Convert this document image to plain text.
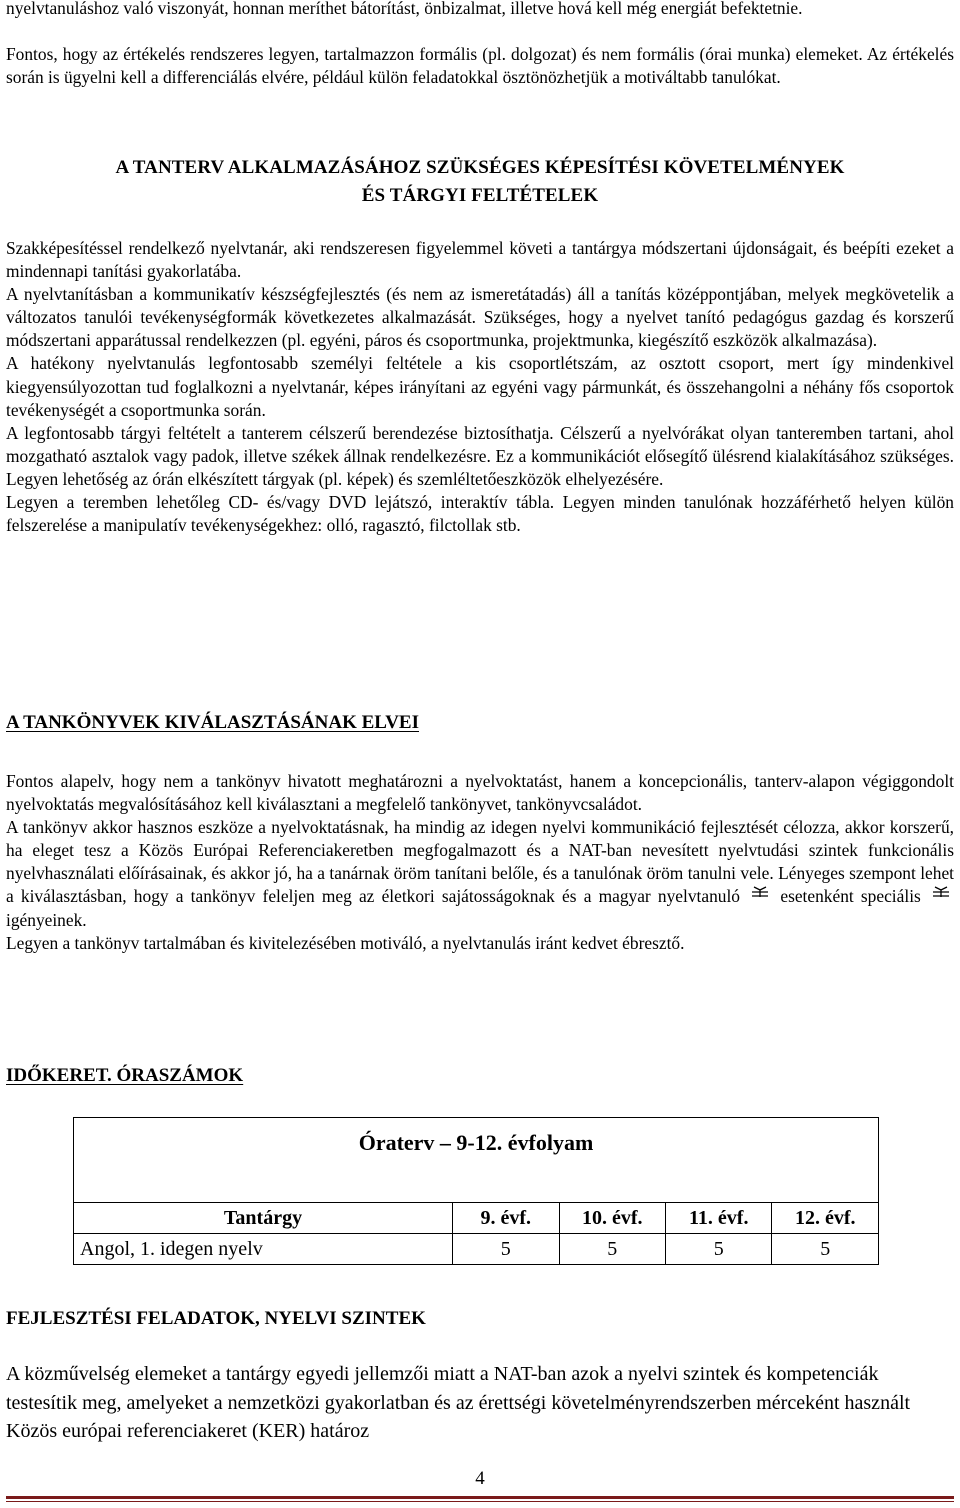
nyelvtanuláshoz való viszonyát, honnan meríthet bátorítást, önbizalmat, illetve hová kell még energiát befektetnie.

Fontos, hogy az értékelés rendszeres legyen, tartalmazzon formális (pl. dolgozat) és nem formális (órai munka) elemeket. Az értékelés során is ügyelni kell a differenciálás elvére, például külön feladatokkal ösztönözhetjük a motiváltabb tanulókat.

A TANTERV ALKALMAZÁSÁHOZ SZÜKSÉGES KÉPESÍTÉSI KÖVETELMÉNYEK

ÉS TÁRGYI FELTÉTELEK

Szakképesítéssel rendelkező nyelvtanár, aki rendszeresen figyelemmel követi a tantárgya módszertani újdonságait, és beépíti ezeket a mindennapi tanítási gyakorlatába.

A nyelvtanításban a kommunikatív készségfejlesztés (és nem az ismeretátadás) áll a tanítás középpontjában, melyek megkövetelik a változatos tanulói tevékenységformák következetes alkalmazását. Szükséges, hogy a nyelvet tanító pedagógus gazdag és korszerű módszertani apparátussal rendelkezzen (pl. egyéni, páros és csoportmunka, projektmunka, kiegészítő eszközök alkalmazása).

A hatékony nyelvtanulás legfontosabb személyi feltétele a kis csoportlétszám, az osztott csoport, mert így mindenkivel kiegyensúlyozottan tud foglalkozni a nyelvtanár, képes irányítani az egyéni vagy pármunkát, és összehangolni a néhány fős csoportok tevékenységét a csoportmunka során.

A legfontosabb tárgyi feltételt a tanterem célszerű berendezése biztosíthatja. Célszerű a nyelvórákat olyan tanteremben tartani, ahol mozgatható asztalok vagy padok, illetve székek állnak rendelkezésre. Ez a kommunikációt elősegítő ülésrend kialakításához szükséges. Legyen lehetőség az órán elkészített tárgyak (pl. képek) és szemléltetőeszközök elhelyezésére.

Legyen a teremben lehetőleg CD- és/vagy DVD lejátszó, interaktív tábla. Legyen minden tanulónak hozzáférhető helyen külön felszerelése a manipulatív tevékenységekhez: olló, ragasztó, filctollak stb.

A TANKÖNYVEK KIVÁLASZTÁSÁNAK ELVEI

Fontos alapelv, hogy nem a tankönyv hivatott meghatározni a nyelvoktatást, hanem a koncepcionális, tanterv-alapon végiggondolt nyelvoktatás megvalósításához kell kiválasztani a megfelelő tankönyvet, tankönyvcsaládot.

A tankönyv akkor hasznos eszköze a nyelvoktatásnak, ha mindig az idegen nyelvi kommunikáció fejlesztését célozza, akkor korszerű, ha eleget tesz a Közös Európai Referenciakeretben megfogalmazott és a NAT-ban nevesített nyelvtudási szintek funkcionális nyelvhasználati előírásainak, és akkor jó, ha a tanárnak öröm tanítani belőle, és a tanulónak öröm tanulni vele. Lényeges szempont lehet a kiválasztásban, hogy a tankönyv feleljen meg az életkori sajátosságoknak és a magyar nyelvtanuló esetenként speciális
igényeinek.

Legyen a tankönyv tartalmában és kivitelezésében motiváló, a nyelvtanulás iránt kedvet ébresztő.

IDŐKERET. ÓRASZÁMOK

Óraterv – 9-12. évfolyam				
Tantárgy	9. évf.	10. évf.	11. évf.	12. évf.
Angol, 1. idegen nyelv	5	5	5	5

FEJLESZTÉSI FELADATOK, NYELVI SZINTEK

A közművelség elemeket a tantárgy egyedi jellemzői miatt a NAT-ban azok a nyelvi szintek és kompetenciák testesítik meg, amelyeket a nemzetközi gyakorlatban és az érettségi követelményrendszerben mérceként használt Közös európai referenciakeret (KER) határoz

4
